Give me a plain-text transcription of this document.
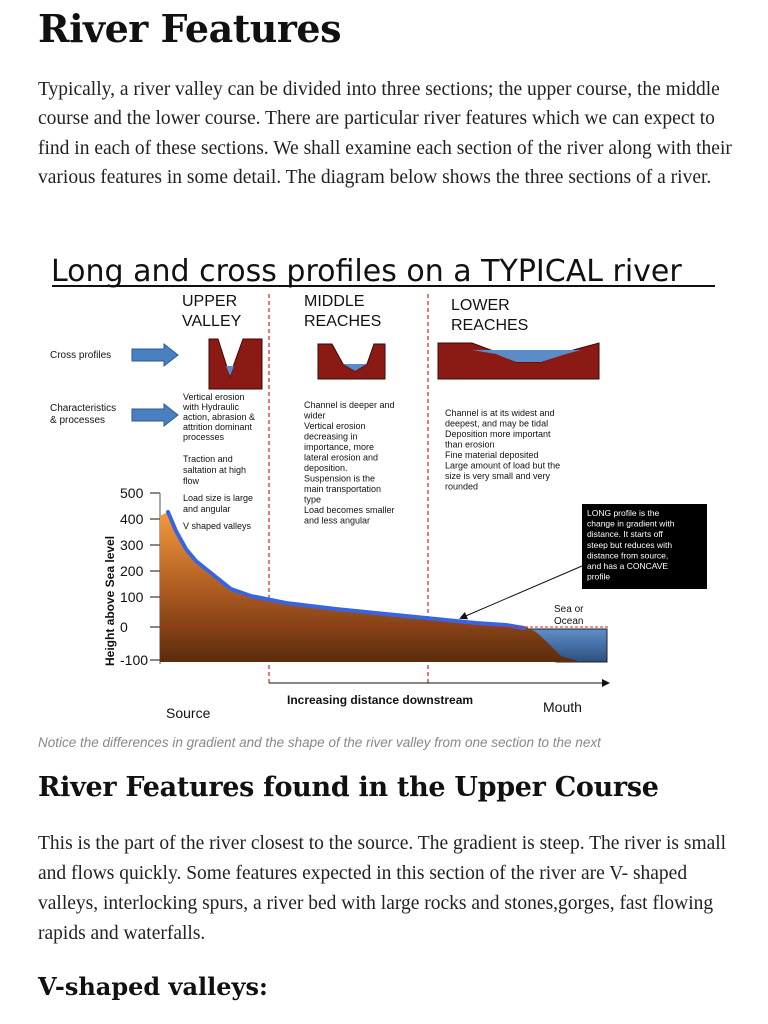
River Features

Typically, a river valley can be divided into three sections; the upper course, the middle course and the lower course. There are particular river features which we can expect to find in each of these sections. We shall examine each section of the river along with their various features in some detail. The diagram below shows the three sections of a river.

Long and cross profiles on a TYPICAL river
UPPER VALLEY
MIDDLE REACHES
LOWER REACHES
Cross profiles
Characteristics & processes
Vertical erosion with Hydraulic action, abrasion & attrition dominant processes Traction and saltation at high flow Load size is large and angular V shaped valleys
Channel is deeper and wider Vertical erosion decreasing in importance, more lateral erosion and deposition. Suspension is the main transportation type Load becomes smaller and less angular
Channel is at its widest and deepest, and may be tidal Deposition more important than erosion Fine material deposited Large amount of load but the size is very small and very rounded
Height above Sea level
500
400
300
200
100
0
-100
Sea or Ocean
LONG profile is the change in gradient with distance. It starts off steep but reduces with distance from source, and has a CONCAVE profile
Increasing distance downstream
Source	Mouth

Notice the differences in gradient and the shape of the river valley from one section to the next

River Features found in the Upper Course

This is the part of the river closest to the source. The gradient is steep. The river is small and flows quickly. Some features expected in this section of the river are V- shaped valleys, interlocking spurs, a river bed with large rocks and stones,gorges, fast flowing rapids and waterfalls.

V-shaped valleys:
